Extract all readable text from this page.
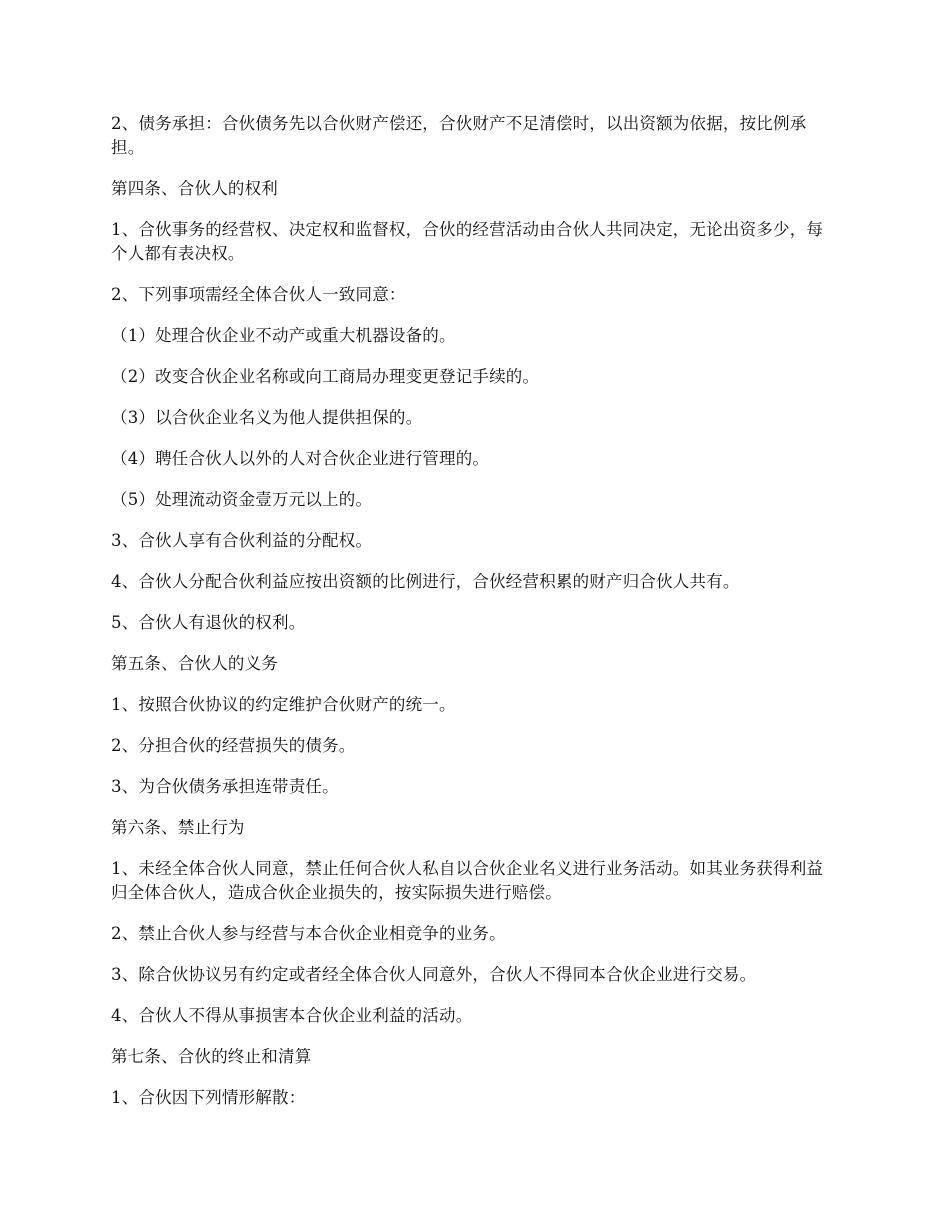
2、债务承担：合伙债务先以合伙财产偿还，合伙财产不足清偿时，以出资额为依据，按比例承担。

第四条、合伙人的权利

1、合伙事务的经营权、决定权和监督权，合伙的经营活动由合伙人共同决定，无论出资多少，每个人都有表决权。

2、下列事项需经全体合伙人一致同意：

（1）处理合伙企业不动产或重大机器设备的。

（2）改变合伙企业名称或向工商局办理变更登记手续的。

（3）以合伙企业名义为他人提供担保的。

（4）聘任合伙人以外的人对合伙企业进行管理的。

（5）处理流动资金壹万元以上的。

3、合伙人享有合伙利益的分配权。

4、合伙人分配合伙利益应按出资额的比例进行，合伙经营积累的财产归合伙人共有。

5、合伙人有退伙的权利。

第五条、合伙人的义务

1、按照合伙协议的约定维护合伙财产的统一。

2、分担合伙的经营损失的债务。

3、为合伙债务承担连带责任。

第六条、禁止行为

1、未经全体合伙人同意，禁止任何合伙人私自以合伙企业名义进行业务活动。如其业务获得利益归全体合伙人，造成合伙企业损失的，按实际损失进行赔偿。

2、禁止合伙人参与经营与本合伙企业相竞争的业务。

3、除合伙协议另有约定或者经全体合伙人同意外，合伙人不得同本合伙企业进行交易。

4、合伙人不得从事损害本合伙企业利益的活动。

第七条、合伙的终止和清算

1、合伙因下列情形解散：
